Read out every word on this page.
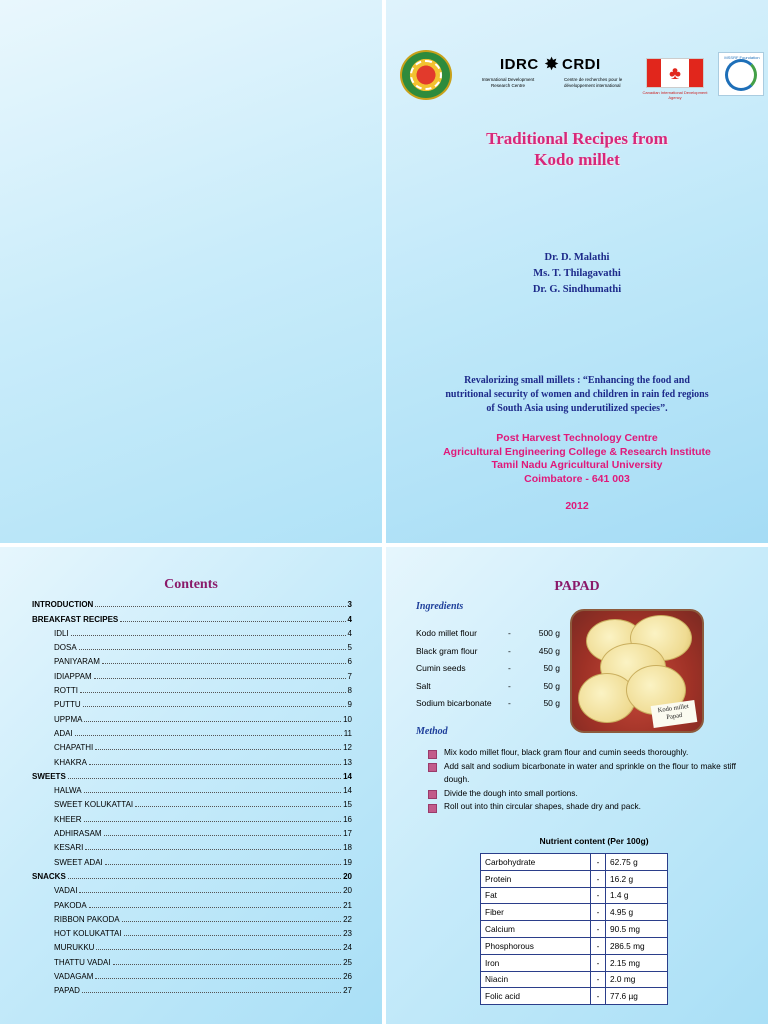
IDRC ✸ CRDI
International Development Research Centre
Centre de recherches pour le développement international
♣
Canadian International Development Agency
MSSRF Foundation
Traditional Recipes from
Kodo millet
Dr. D. Malathi
Ms. T. Thilagavathi
Dr. G. Sindhumathi
Revalorizing small millets : “Enhancing the food and
nutritional security of women and children in rain fed regions
of South Asia using underutilized species”.
Post Harvest Technology Centre
Agricultural Engineering College & Research Institute
Tamil Nadu Agricultural University
Coimbatore - 641 003
2012
Contents
INTRODUCTION	3
BREAKFAST RECIPES	4
IDLI	4
DOSA	5
PANIYARAM	6
IDIAPPAM	7
ROTTI	8
PUTTU	9
UPPMA	10
ADAI	11
CHAPATHI	12
KHAKRA	13
SWEETS	14
HALWA	14
SWEET KOLUKATTAI	15
KHEER	16
ADHIRASAM	17
KESARI	18
SWEET ADAI	19
SNACKS	20
VADAI	20
PAKODA	21
RIBBON PAKODA	22
HOT KOLUKATTAI	23
MURUKKU	24
THATTU VADAI	25
VADAGAM	26
PAPAD	27
PAPAD
Ingredients
Kodo millet flour	-	500 g
Black gram flour	-	450 g
Cumin seeds	-	50 g
Salt	-	50 g
Sodium bicarbonate	-	50 g	Kodo millet Papad
Method
Mix kodo millet flour, black gram flour and cumin seeds thoroughly.
Add salt and sodium bicarbonate in water and sprinkle on the flour to make stiff dough.
Divide the dough into small portions.
Roll out into thin circular shapes, shade dry and pack.
Nutrient content (Per 100g)
Carbohydrate	-	62.75 g
Protein	-	16.2 g
Fat	-	1.4 g
Fiber	-	4.95 g
Calcium	-	90.5 mg
Phosphorous	-	286.5 mg
Iron	-	2.15 mg
Niacin	-	2.0 mg
Folic acid	-	77.6 µg
